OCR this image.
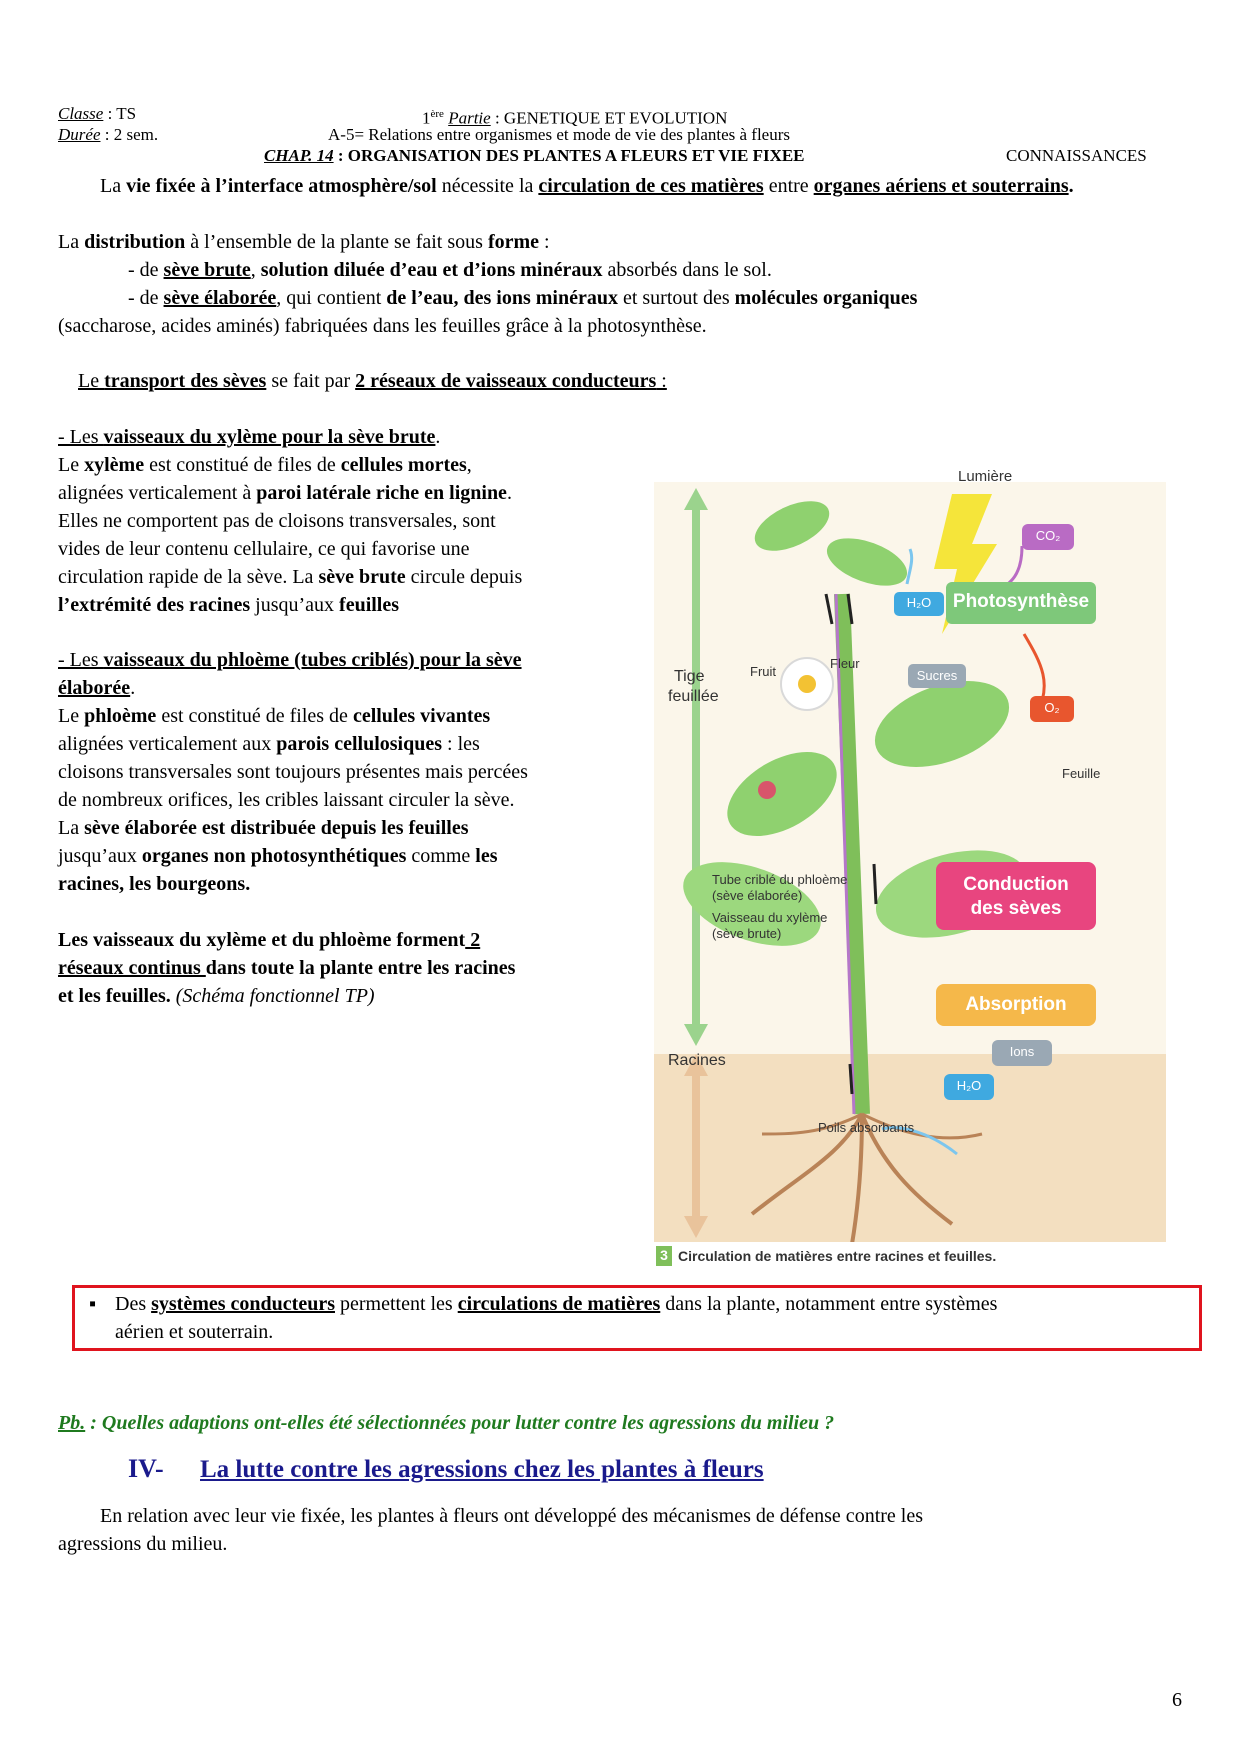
Classe : TS	1ère Partie : GENETIQUE ET EVOLUTION
Durée : 2 sem.	A-5= Relations entre organismes et mode de vie des plantes à fleurs
CHAP. 14 : ORGANISATION DES PLANTES A FLEURS ET VIE FIXEE	CONNAISSANCES
La vie fixée à l’interface atmosphère/sol nécessite la circulation de ces matières entre organes aériens et souterrains.
La distribution à l’ensemble de la plante se fait sous forme :
- de sève brute, solution diluée d’eau et d’ions minéraux absorbés dans le sol.
- de sève élaborée, qui contient de l’eau, des ions minéraux et surtout des molécules organiques
(saccharose, acides aminés) fabriquées dans les feuilles grâce à la photosynthèse.
Le transport des sèves se fait par 2 réseaux de vaisseaux conducteurs :
- Les vaisseaux du xylème pour la sève brute.
Le xylème est constitué de files de cellules mortes,
alignées verticalement à paroi latérale riche en lignine.
Elles ne comportent pas de cloisons transversales, sont
vides de leur contenu cellulaire, ce qui favorise une
circulation rapide de la sève. La sève brute circule depuis
l’extrémité des racines jusqu’aux feuilles
- Les vaisseaux du phloème (tubes criblés) pour la sève
élaborée.
Le phloème est constitué de files de cellules vivantes
alignées verticalement aux parois cellulosiques : les
cloisons transversales sont toujours présentes mais percées
de nombreux orifices, les cribles laissant circuler la sève.
La sève élaborée est distribuée depuis les feuilles
jusqu’aux organes non photosynthétiques comme les
racines, les bourgeons.
Les vaisseaux du xylème et du phloème forment 2
réseaux continus dans toute la plante entre les racines
et les feuilles. (Schéma fonctionnel TP)
Lumière
CO₂
H₂O	Photosynthèse
Fleur
Fruit
Tige
feuillée
Sucres
O₂
Feuille
Tube criblé du phloème
(sève élaborée)
Vaisseau du xylème
(sève brute)
Conduction
des sèves
Absorption
Racines
Ions
H₂O
Poils absorbants
3 Circulation de matières entre racines et feuilles.
▪ Des systèmes conducteurs permettent les circulations de matières dans la plante, notamment entre systèmes
aérien et souterrain.
Pb. : Quelles adaptions ont-elles été sélectionnées pour lutter contre les agressions du milieu ?
IV- La lutte contre les agressions chez les plantes à fleurs
En relation avec leur vie fixée, les plantes à fleurs ont développé des mécanismes de défense contre les
agressions du milieu.
6
